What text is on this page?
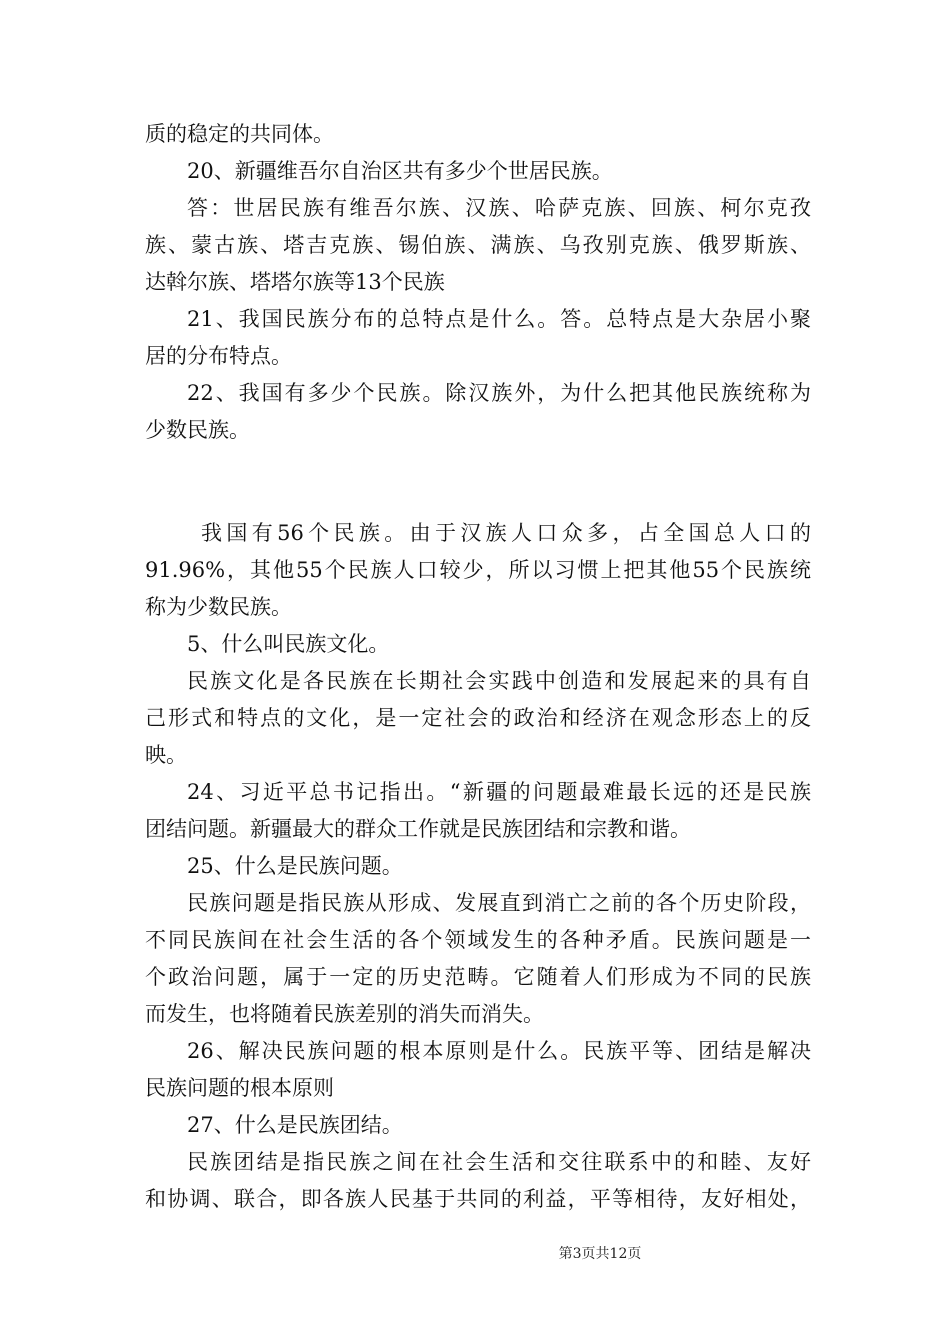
质的稳定的共同体。
20、新疆维吾尔自治区共有多少个世居民族。
答：世居民族有维吾尔族、汉族、哈萨克族、回族、柯尔克孜
族、蒙古族、塔吉克族、锡伯族、满族、乌孜别克族、俄罗斯族、
达斡尔族、塔塔尔族等13个民族
21、我国民族分布的总特点是什么。答。总特点是大杂居小聚
居的分布特点。
22、我国有多少个民族。除汉族外，为什么把其他民族统称为
少数民族。
我国有56个民族。由于汉族人口众多，占全国总人口的
91.96%，其他55个民族人口较少，所以习惯上把其他55个民族统
称为少数民族。
5、什么叫民族文化。
民族文化是各民族在长期社会实践中创造和发展起来的具有自
己形式和特点的文化，是一定社会的政治和经济在观念形态上的反
映。
24、习近平总书记指出。“新疆的问题最难最长远的还是民族
团结问题。新疆最大的群众工作就是民族团结和宗教和谐。
25、什么是民族问题。
民族问题是指民族从形成、发展直到消亡之前的各个历史阶段，
不同民族间在社会生活的各个领域发生的各种矛盾。民族问题是一
个政治问题，属于一定的历史范畴。它随着人们形成为不同的民族
而发生，也将随着民族差别的消失而消失。
26、解决民族问题的根本原则是什么。民族平等、团结是解决
民族问题的根本原则
27、什么是民族团结。
民族团结是指民族之间在社会生活和交往联系中的和睦、友好
和协调、联合，即各族人民基于共同的利益，平等相待，友好相处，
第3页共12页
